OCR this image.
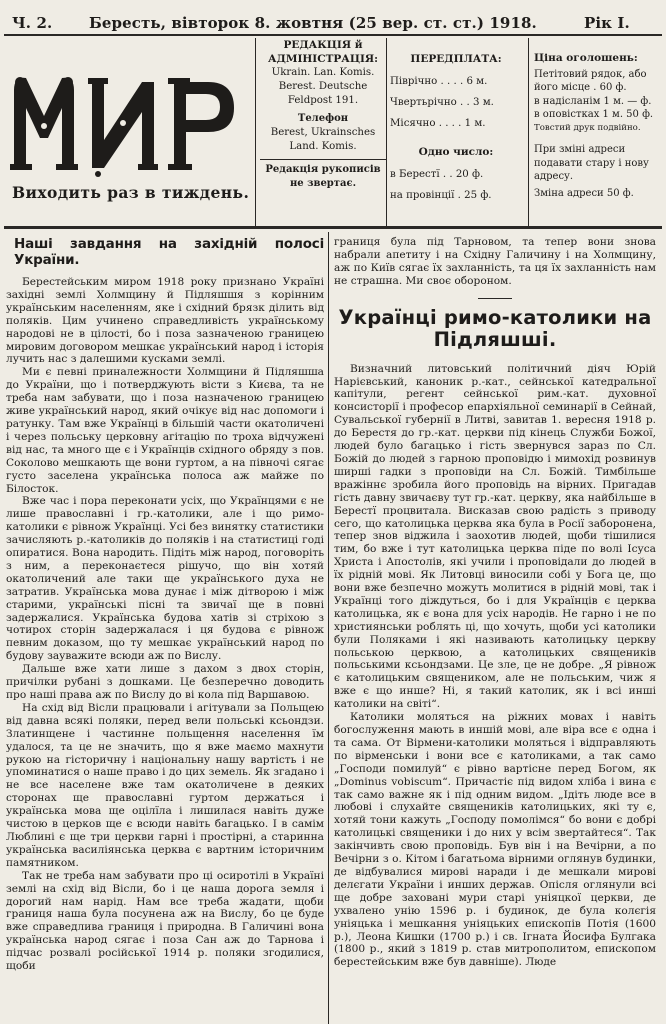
Ч. 2. Бересть, вівторок 8. жовтня (25 вер. ст. ст.) 1918.	Рік I.
Виходить раз в тиждень.
РЕДАКЦІЯ й АДМІНІСТРАЦІЯ:
Ukrain. Lan. Komis. Berest. Deutsche Feldpost 191.
Телефон
Berest, Ukrainsches Land. Komis.
Редакція рукописів не звертає.
ПЕРЕДПЛАТА:
Піврічно . . . . 6 м.
Чвертьрічно . . 3 м.
Місячно . . . . 1 м.
Одно число:
в Берестї . . 20 ф.
на провінції . 25 ф.
Ціна оголошень:
Петітовий рядок, або його місце . 60 ф.
в надісланім 1 м. — ф.
в оповістках 1 м. 50 ф.
Товстий друк подвійно.
При зміні адреси подавати стару і нову адресу.
Зміна адреси 50 ф.
Наші завдання на західній полосі України.

Берестейським миром 1918 року признано Україні західні землі Холмщину й Підляшшя з корінним українським населенням, яке і східний брязк ділить від поляків. Цим учинено справедливість українському народові не в цілості, бо і поза зазначеною границею мировим договором мешкає український народ і історія лучить нас з далешими кусками землі.

Ми є певні приналежности Холмщини й Підляшша до України, що і потверджують вісти з Києва, та не треба нам забувати, що і поза назначеною границею живе український народ, який очікує від нас допомоги і ратунку. Там вже Українці в більшій части окатоличені і через польську церковну агітацію по троха відчужені від нас, та много ще є і Українців східного обряду з пов. Соколово мешкають ще вони гуртом, а на півночі сягає густо заселена українська полоса аж майже по Білосток.

Вже час і пора переконати усіх, що Українцями є не лише православні і гр.-католики, але і що римо-католики є рівнож Українці. Усі без винятку статистики зачисляють р.-католиків до поляків і на статистиці годі опиратися. Вона народить. Підіть між народ, поговоріть з ним, а переконаєтеся рішучо, що він хотяй окатоличений але таки ще українського духа не затратив. Українська мова дунає і між дітворою і між старими, українські пісні та звичаї ще в повні задержалися. Українська будова хатів зі стріхою з чотирох сторін задержалася і ця будова є рівнож певним доказом, що ту мешкає український народ по будову зауважите всюди аж по Вислу.

Дальше вже хати лише з дахом з двох сторін, причілки рубані з дошками. Це безперечно доводить про наші права аж по Вислу до ві кола під Варшавою.

На схід від Вісли працювали і агітували за Польщею від давна всякі поляки, перед вели польські ксьондзи. Златинщене і частинне польщення населення їм удалося, та це не значить, що я вже маємо махнути рукою на гісторичну і національну нашу вартість і не упоминатися о наше право і до цих земель. Як згадано і не все населене вже там окатоличене в деяких сторонах ще православні гуртом держаться і українська мова ще оцілїла і лишилася навіть дуже чистою в церков ще є всюди навіть багацько. І в самім Люблині є ще три церкви гарні і простірні, а старинна українська василіянська церква є вартним історичним памятником.

Так не треба нам забувати про ці осиротілі в Україні землі на схід від Вісли, бо і це наша дорога земля і дорогий нам нарід. Нам все треба жадати, щоби границя наша була посунена аж на Вислу, бо це буде вже справедлива границя і природна. В Галичині вона українська народ сягає і поза Сан аж до Тарнова і підчас розвалі російської 1914 р. поляки згодилися, щоби

границя була під Тарновом, та тепер вони знова набрали апетиту і на Східну Галичину і на Холмщину, аж по Київ сягає їх захланність, та ця їх захланність нам не страшна. Ми своє обороном.

Українці римо-католики на Підляшші.

Визначний литовський політичний діяч Юрій Нарієвський, каноник р.-кат., сейнської катедральної капітули, регент сейнської рим.-кат. духовної консисторії і професор епархіяльної семинарії в Сейнай, Сувальської губернії в Литві, завитав 1. вересня 1918 р. до Берестя до гр.-кат. церкви під кінець Служби Божої, людей було багацько і гість звернувся зараз по Сл. Божій до людей з гарною проповідю і мимохід розвинув ширші гадки з проповіди на Сл. Божій. Тимбільше вражіннє зробила його проповідь на вірних. Пригадав гість давну звичаєву тут гр.-кат. церкву, яка найбільше в Берестї процвитала. Висказав свою радість з приводу сего, що католицька церква яка була в Росії заборонена, тепер знов віджила і заохотив людей, щоби тішилися тим, бо вже і тут католицька церква піде по волі Ісуса Христа і Апостолів, які учили і проповідали до людей в їх рідній мові. Як Литовці виносили собі у Бога це, що вони вже безпечно можуть молитися в рідній мові, так і Українці того діждуться, бо і для Українців є церква католицька, як є вона для усіх народів. Не гарно і не по християнськи роблять ці, що хочуть, щоби усі католики були Поляками і які називають католицьку церкву польською церквою, а католицьких священиків польськими ксьондзами. Це зле, це не добре. „Я рівнож є католицьким священиком, але не польським, чиж я вже є що инше? Ні, я такий католик, як і всі инші католики на світі“.

Католики моляться на ріжних мовах і навіть богослуження мають в иншій мові, але віра все є одна і та сама. От Вірмени-католики моляться і відправляють по вірменськи і вони все є католиками, а так само „Господи помилуй“ є рівно вартісне перед Богом, як „Dominus vobiscum“. Причастіє під видом хліба і вина є так само важне як і під одним видом. „Ідіть люде все в любові і слухайте священиків католицьких, які ту є, хотяй тони кажуть „Господу помолімся“ бо вони є добрі католицькі священики і до них у всім звертайтеся“. Так закінчивть свою проповідь. Був він і на Вечірни, а по Вечірни з о. Кітом і багатьома вірними оглянув будинки, де відбувалися мирові наради і де мешкали мирові делєгати України і инших держав. Опісля оглянули всі ще добре заховані мури старі уніяцкої церкви, де ухвалено унію 1596 р. і будинок, де була колєгія уніяцька і мешкання уніяцьких епископів Потія (1600 р.), Леона Кишки (1700 р.) і св. Ігната Йосифа Булгака (1800 р., який з 1819 р. став митрополитом, епископом берестейським вже був давніше). Люде
